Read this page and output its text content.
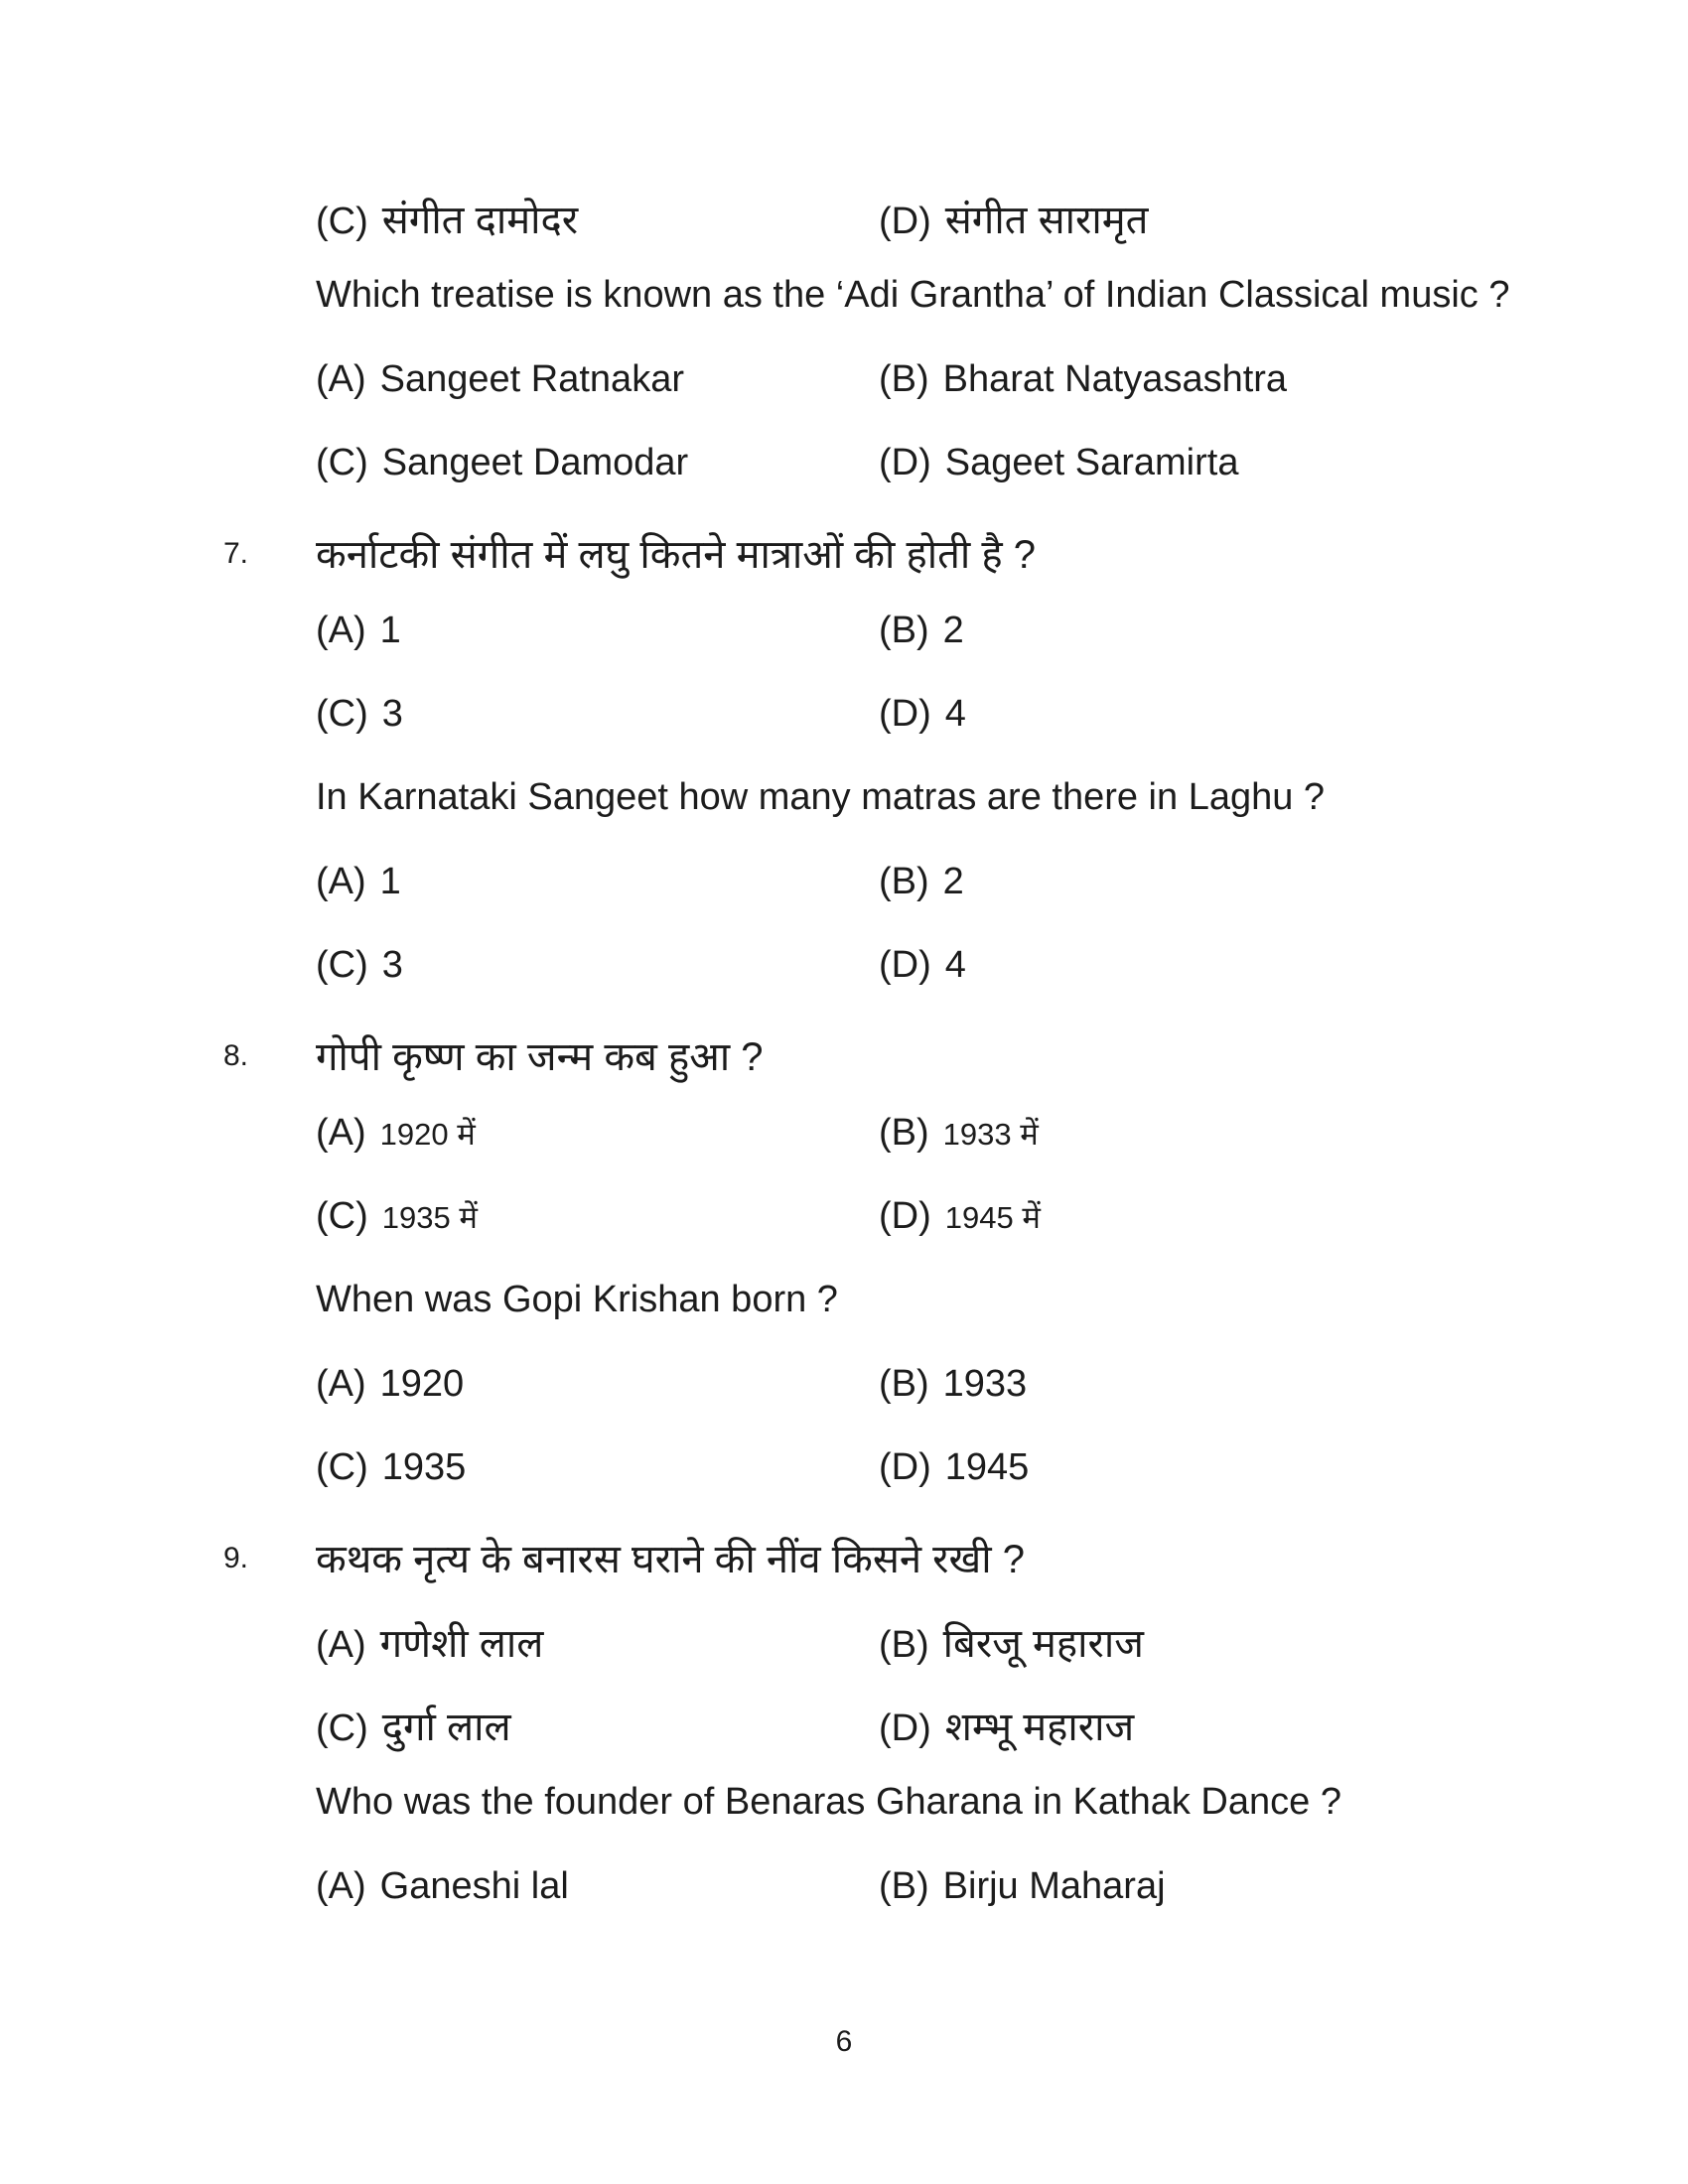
(C) संगीत दामोदर	(D) संगीत सारामृत
Which treatise is known as the ‘Adi Grantha’ of Indian Classical music ?
(A) Sangeet Ratnakar	(B) Bharat Natyasashtra
(C) Sangeet Damodar	(D) Sageet Saramirta
7. कर्नाटकी संगीत में लघु कितने मात्राओं की होती है ?
(A) 1	(B) 2
(C) 3	(D) 4
In Karnataki Sangeet how many matras are there in Laghu ?
(A) 1	(B) 2
(C) 3	(D) 4
8. गोपी कृष्ण का जन्म कब हुआ ?
(A) 1920 में	(B) 1933 में
(C) 1935 में	(D) 1945 में
When was Gopi Krishan born ?
(A) 1920	(B) 1933
(C) 1935	(D) 1945
9. कथक नृत्य के बनारस घराने की नींव किसने रखी ?
(A) गणेशी लाल	(B) बिरजू महाराज
(C) दुर्गा लाल	(D) शम्भू महाराज
Who was the founder of Benaras Gharana in Kathak Dance ?
(A) Ganeshi lal	(B) Birju Maharaj
6
